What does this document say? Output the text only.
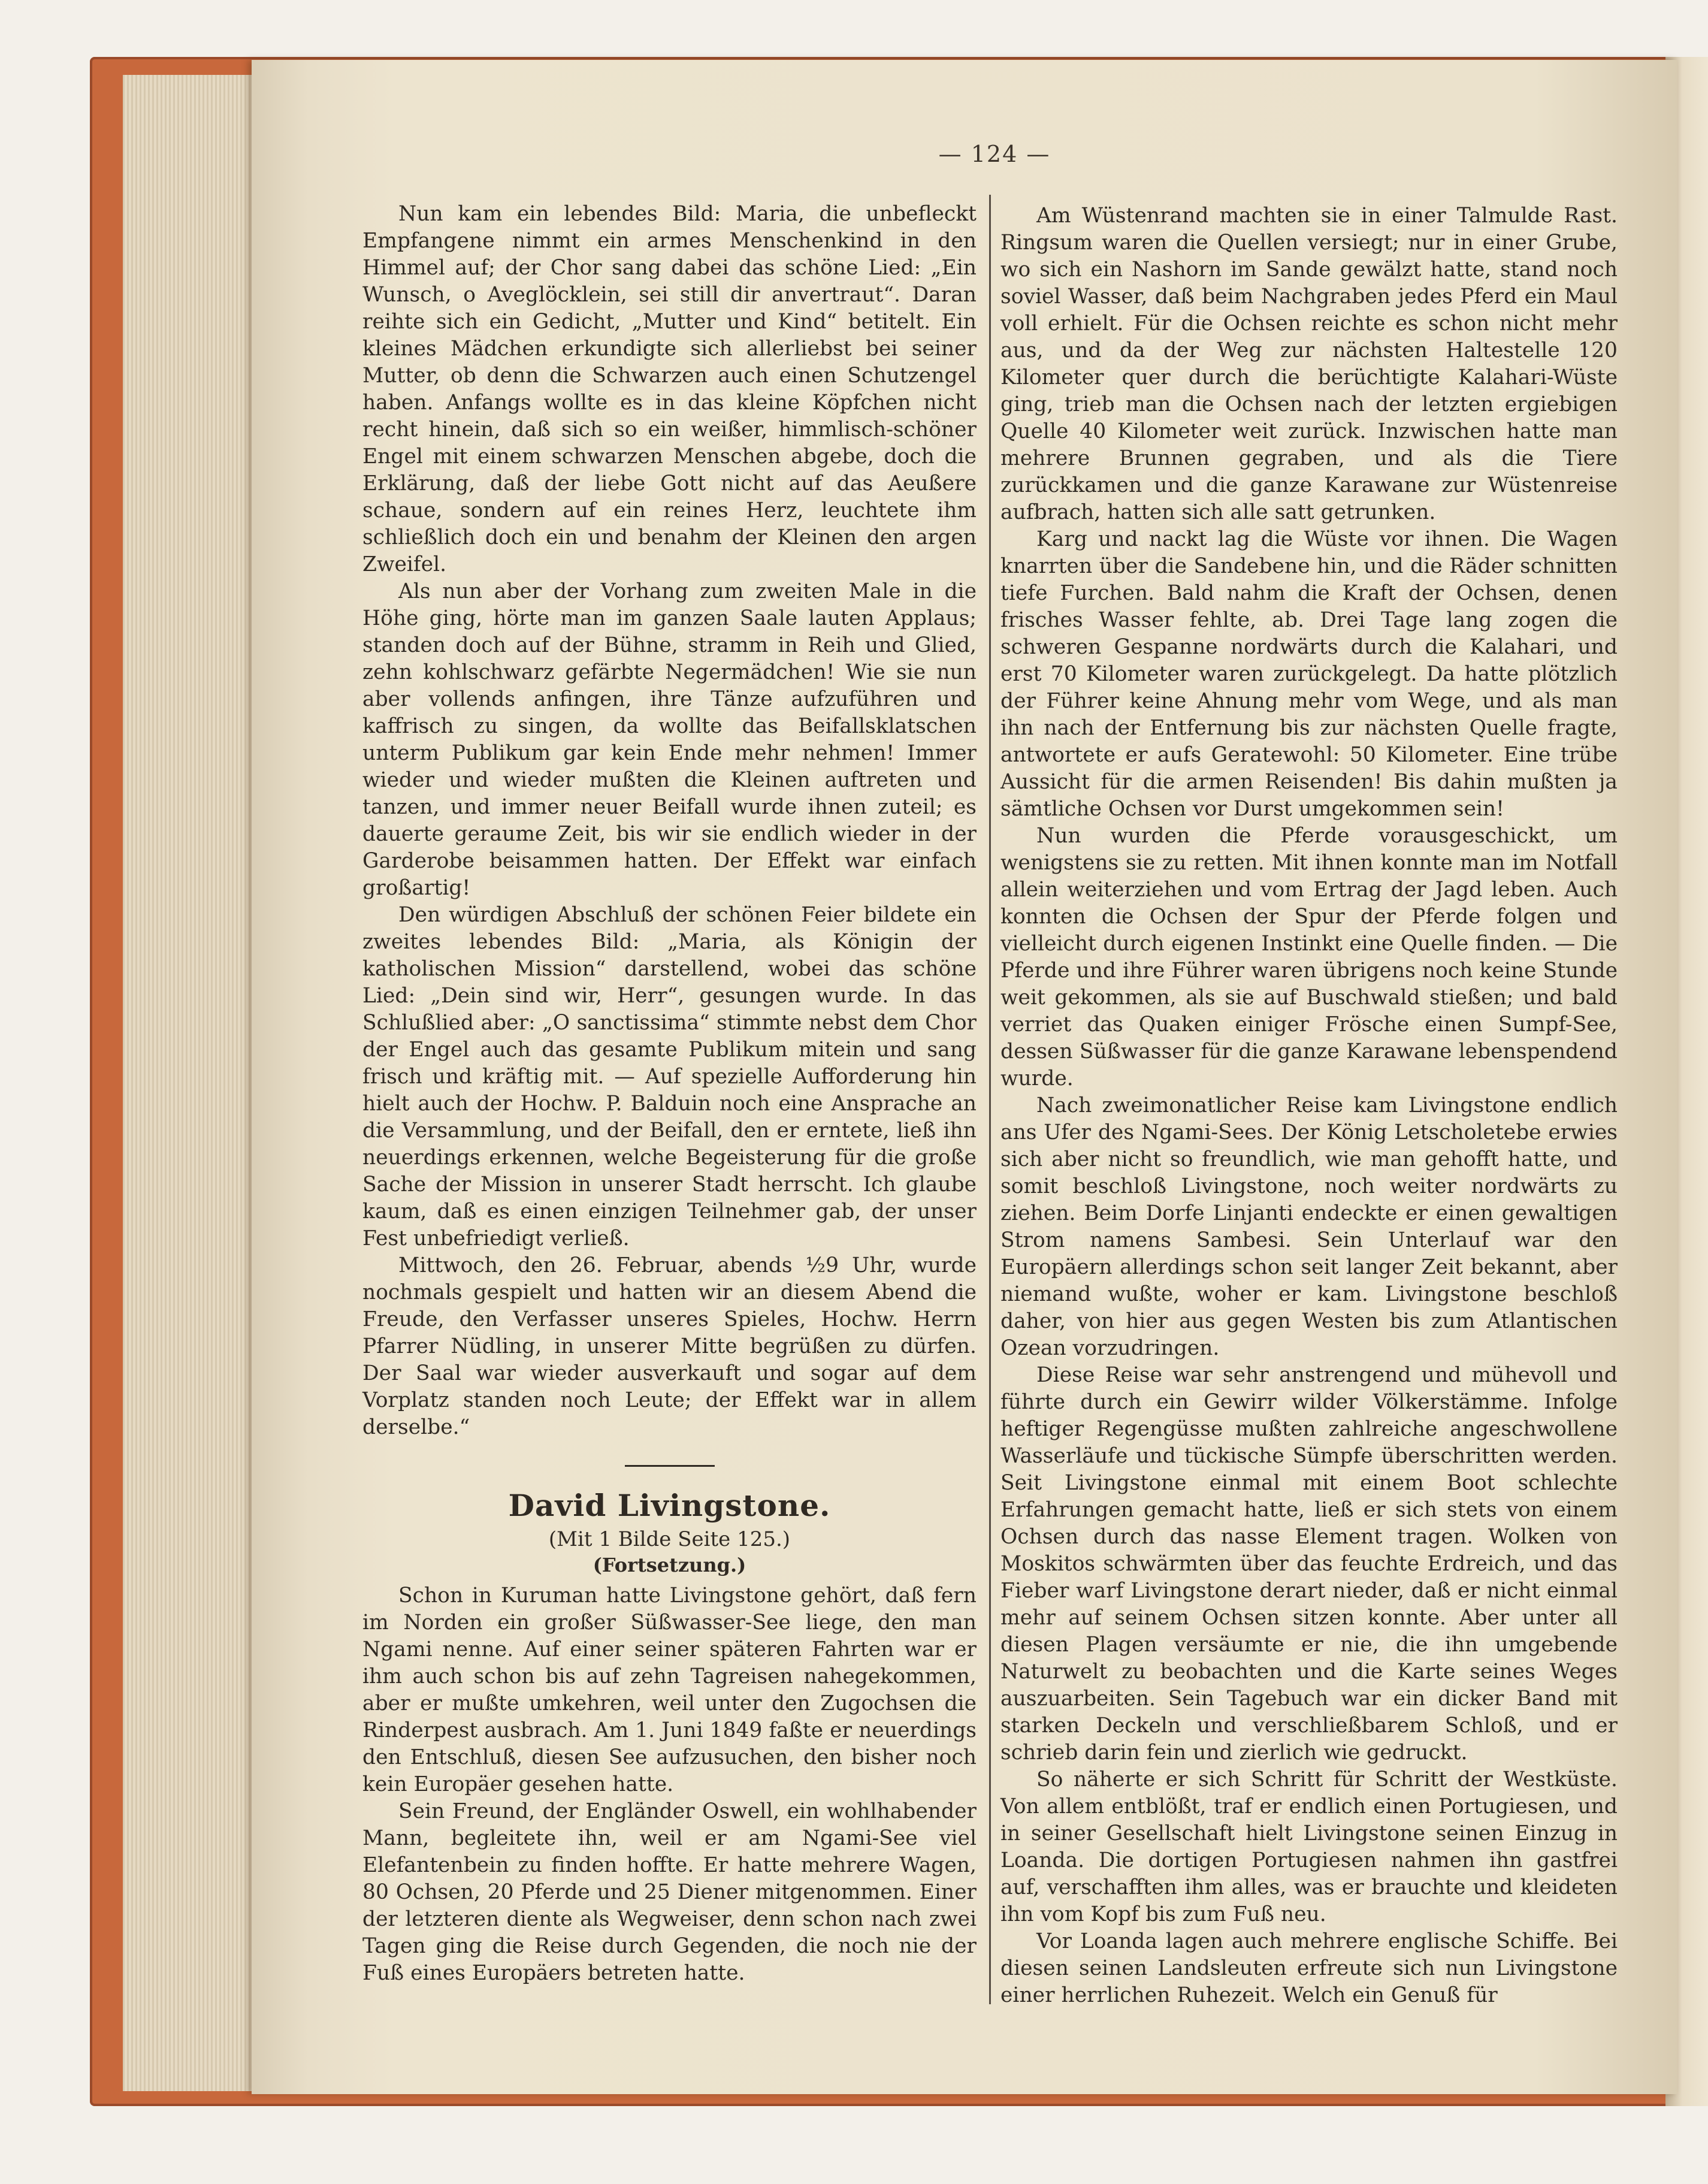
— 124 —

Nun kam ein lebendes Bild: Maria, die unbefleckt Empfangene nimmt ein armes Menschenkind in den Himmel auf; der Chor sang dabei das schöne Lied: „Ein Wunsch, o Aveglöcklein, sei still dir anvertraut“. Daran reihte sich ein Gedicht, „Mutter und Kind“ betitelt. Ein kleines Mädchen erkundigte sich allerliebst bei seiner Mutter, ob denn die Schwarzen auch einen Schutzengel haben. Anfangs wollte es in das kleine Köpfchen nicht recht hinein, daß sich so ein weißer, himmlisch-schöner Engel mit einem schwarzen Menschen abgebe, doch die Erklärung, daß der liebe Gott nicht auf das Aeußere schaue, sondern auf ein reines Herz, leuchtete ihm schließlich doch ein und benahm der Kleinen den argen Zweifel.

Als nun aber der Vorhang zum zweiten Male in die Höhe ging, hörte man im ganzen Saale lauten Applaus; standen doch auf der Bühne, stramm in Reih und Glied, zehn kohlschwarz gefärbte Negermädchen! Wie sie nun aber vollends anfingen, ihre Tänze aufzuführen und kaffrisch zu singen, da wollte das Beifallsklatschen unterm Publikum gar kein Ende mehr nehmen! Immer wieder und wieder mußten die Kleinen auftreten und tanzen, und immer neuer Beifall wurde ihnen zuteil; es dauerte geraume Zeit, bis wir sie endlich wieder in der Garderobe beisammen hatten. Der Effekt war einfach großartig!

Den würdigen Abschluß der schönen Feier bildete ein zweites lebendes Bild: „Maria, als Königin der katholischen Mission“ darstellend, wobei das schöne Lied: „Dein sind wir, Herr“, gesungen wurde. In das Schlußlied aber: „O sanctissima“ stimmte nebst dem Chor der Engel auch das gesamte Publikum mitein und sang frisch und kräftig mit. — Auf spezielle Aufforderung hin hielt auch der Hochw. P. Balduin noch eine Ansprache an die Versammlung, und der Beifall, den er erntete, ließ ihn neuerdings erkennen, welche Begeisterung für die große Sache der Mission in unserer Stadt herrscht. Ich glaube kaum, daß es einen einzigen Teilnehmer gab, der unser Fest unbefriedigt verließ.

Mittwoch, den 26. Februar, abends ½9 Uhr, wurde nochmals gespielt und hatten wir an diesem Abend die Freude, den Verfasser unseres Spieles, Hochw. Herrn Pfarrer Nüdling, in unserer Mitte begrüßen zu dürfen. Der Saal war wieder ausverkauft und sogar auf dem Vorplatz standen noch Leute; der Effekt war in allem derselbe.“

David Livingstone.

(Mit 1 Bilde Seite 125.)

(Fortsetzung.)

Schon in Kuruman hatte Livingstone gehört, daß fern im Norden ein großer Süßwasser-See liege, den man Ngami nenne. Auf einer seiner späteren Fahrten war er ihm auch schon bis auf zehn Tagreisen nahegekommen, aber er mußte umkehren, weil unter den Zugochsen die Rinderpest ausbrach. Am 1. Juni 1849 faßte er neuerdings den Entschluß, diesen See aufzusuchen, den bisher noch kein Europäer gesehen hatte.

Sein Freund, der Engländer Oswell, ein wohlhabender Mann, begleitete ihn, weil er am Ngami-See viel Elefantenbein zu finden hoffte. Er hatte mehrere Wagen, 80 Ochsen, 20 Pferde und 25 Diener mitgenommen. Einer der letzteren diente als Wegweiser, denn schon nach zwei Tagen ging die Reise durch Gegenden, die noch nie der Fuß eines Europäers betreten hatte.

Am Wüstenrand machten sie in einer Talmulde Rast. Ringsum waren die Quellen versiegt; nur in einer Grube, wo sich ein Nashorn im Sande gewälzt hatte, stand noch soviel Wasser, daß beim Nachgraben jedes Pferd ein Maul voll erhielt. Für die Ochsen reichte es schon nicht mehr aus, und da der Weg zur nächsten Haltestelle 120 Kilometer quer durch die berüchtigte Kalahari-Wüste ging, trieb man die Ochsen nach der letzten ergiebigen Quelle 40 Kilometer weit zurück. Inzwischen hatte man mehrere Brunnen gegraben, und als die Tiere zurückkamen und die ganze Karawane zur Wüstenreise aufbrach, hatten sich alle satt getrunken.

Karg und nackt lag die Wüste vor ihnen. Die Wagen knarrten über die Sandebene hin, und die Räder schnitten tiefe Furchen. Bald nahm die Kraft der Ochsen, denen frisches Wasser fehlte, ab. Drei Tage lang zogen die schweren Gespanne nordwärts durch die Kalahari, und erst 70 Kilometer waren zurückgelegt. Da hatte plötzlich der Führer keine Ahnung mehr vom Wege, und als man ihn nach der Entfernung bis zur nächsten Quelle fragte, antwortete er aufs Geratewohl: 50 Kilometer. Eine trübe Aussicht für die armen Reisenden! Bis dahin mußten ja sämtliche Ochsen vor Durst umgekommen sein!

Nun wurden die Pferde vorausgeschickt, um wenigstens sie zu retten. Mit ihnen konnte man im Notfall allein weiterziehen und vom Ertrag der Jagd leben. Auch konnten die Ochsen der Spur der Pferde folgen und vielleicht durch eigenen Instinkt eine Quelle finden. — Die Pferde und ihre Führer waren übrigens noch keine Stunde weit gekommen, als sie auf Buschwald stießen; und bald verriet das Quaken einiger Frösche einen Sumpf-See, dessen Süßwasser für die ganze Karawane lebenspendend wurde.

Nach zweimonatlicher Reise kam Livingstone endlich ans Ufer des Ngami-Sees. Der König Letscholetebe erwies sich aber nicht so freundlich, wie man gehofft hatte, und somit beschloß Livingstone, noch weiter nordwärts zu ziehen. Beim Dorfe Linjanti endeckte er einen gewaltigen Strom namens Sambesi. Sein Unterlauf war den Europäern allerdings schon seit langer Zeit bekannt, aber niemand wußte, woher er kam. Livingstone beschloß daher, von hier aus gegen Westen bis zum Atlantischen Ozean vorzudringen.

Diese Reise war sehr anstrengend und mühevoll und führte durch ein Gewirr wilder Völkerstämme. Infolge heftiger Regengüsse mußten zahlreiche angeschwollene Wasserläufe und tückische Sümpfe überschritten werden. Seit Livingstone einmal mit einem Boot schlechte Erfahrungen gemacht hatte, ließ er sich stets von einem Ochsen durch das nasse Element tragen. Wolken von Moskitos schwärmten über das feuchte Erdreich, und das Fieber warf Livingstone derart nieder, daß er nicht einmal mehr auf seinem Ochsen sitzen konnte. Aber unter all diesen Plagen versäumte er nie, die ihn umgebende Naturwelt zu beobachten und die Karte seines Weges auszuarbeiten. Sein Tagebuch war ein dicker Band mit starken Deckeln und verschließbarem Schloß, und er schrieb darin fein und zierlich wie gedruckt.

So näherte er sich Schritt für Schritt der Westküste. Von allem entblößt, traf er endlich einen Portugiesen, und in seiner Gesellschaft hielt Livingstone seinen Einzug in Loanda. Die dortigen Portugiesen nahmen ihn gastfrei auf, verschafften ihm alles, was er brauchte und kleideten ihn vom Kopf bis zum Fuß neu.

Vor Loanda lagen auch mehrere englische Schiffe. Bei diesen seinen Landsleuten erfreute sich nun Livingstone einer herrlichen Ruhezeit. Welch ein Genuß für
